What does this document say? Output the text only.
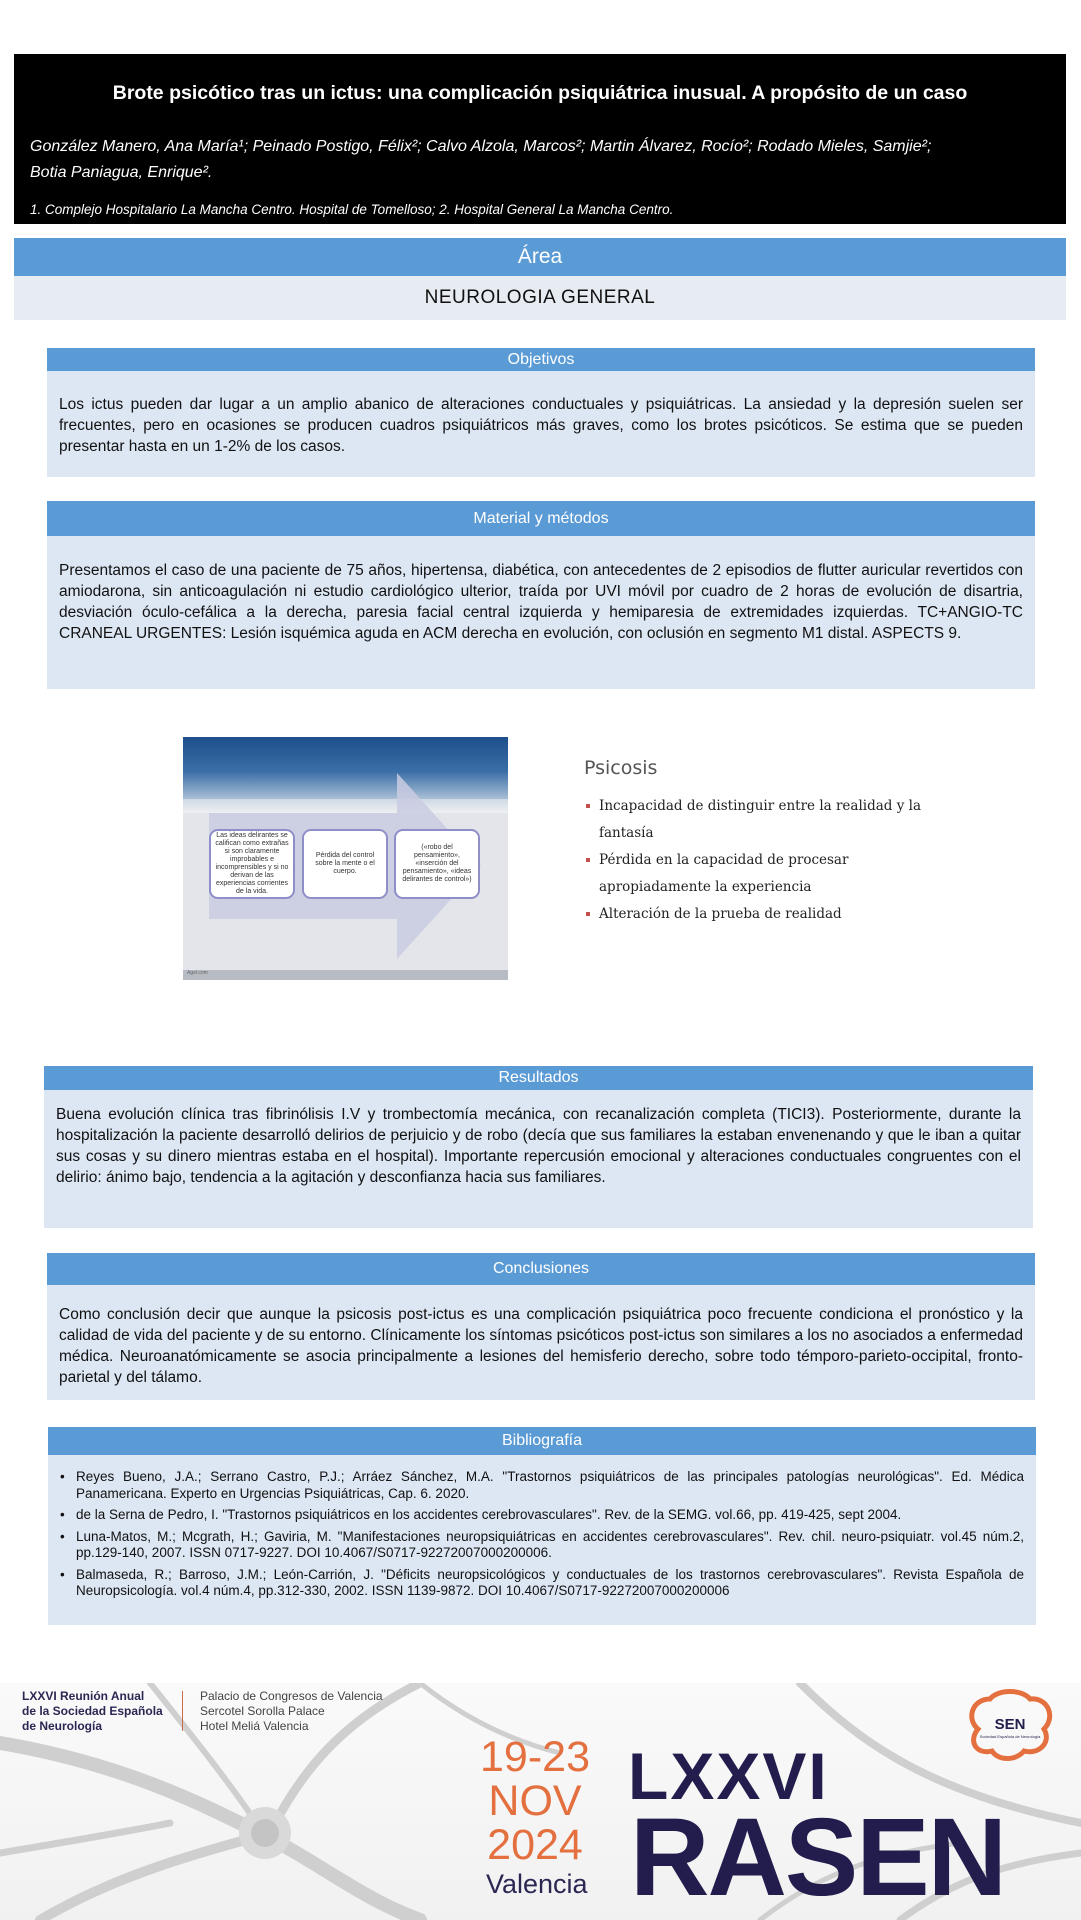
Brote psicótico tras un ictus: una complicación psiquiátrica inusual. A propósito de un caso
González Manero, Ana María¹; Peinado Postigo, Félix²; Calvo Alzola, Marcos²; Martin Álvarez, Rocío²; Rodado Mieles, Samjie²;
Botia Paniagua, Enrique².
1. Complejo Hospitalario La Mancha Centro. Hospital de Tomelloso; 2. Hospital General La Mancha Centro.
Área
NEUROLOGIA GENERAL
Objetivos

Los ictus pueden dar lugar a un amplio abanico de alteraciones conductuales y psiquiátricas. La ansiedad y la depresión suelen ser frecuentes, pero en ocasiones se producen cuadros psiquiátricos más graves, como los brotes psicóticos. Se estima que se pueden presentar hasta en un 1-2% de los casos.

Material y métodos

Presentamos el caso de una paciente de 75 años, hipertensa, diabética, con antecedentes de 2 episodios de flutter auricular revertidos con amiodarona, sin anticoagulación ni estudio cardiológico ulterior, traída por UVI móvil por cuadro de 2 horas de evolución de disartria, desviación óculo-cefálica a la derecha, paresia facial central izquierda y hemiparesia de extremidades izquierdas. TC+ANGIO-TC CRANEAL URGENTES: Lesión isquémica aguda en ACM derecha en evolución, con oclusión en segmento M1 distal. ASPECTS 9.

Las ideas delirantes se califican como extrañas si son claramente improbables e incomprensibles y si no derivan de las experiencias corrientes de la vida.
Pérdida del control sobre la mente o el cuerpo.
(«robo del pensamiento», «inserción del pensamiento», «ideas delirantes de control»)
Agel.com
Psicosis
Incapacidad de distinguir entre la realidad y la
fantasía
Pérdida en la capacidad de procesar
apropiadamente la experiencia
Alteración de la prueba de realidad
Resultados

Buena evolución clínica tras fibrinólisis I.V y trombectomía mecánica, con recanalización completa (TICI3). Posteriormente, durante la hospitalización la paciente desarrolló delirios de perjuicio y de robo (decía que sus familiares la estaban envenenando y que le iban a quitar sus cosas y su dinero mientras estaba en el hospital). Importante repercusión emocional y alteraciones conductuales congruentes con el delirio: ánimo bajo, tendencia a la agitación y desconfianza hacia sus familiares.

Conclusiones

Como conclusión decir que aunque la psicosis post-ictus es una complicación psiquiátrica poco frecuente condiciona el pronóstico y la calidad de vida del paciente y de su entorno. Clínicamente los síntomas psicóticos post-ictus son similares a los no asociados a enfermedad médica. Neuroanatómicamente se asocia principalmente a lesiones del hemisferio derecho, sobre todo témporo-parieto-occipital, fronto-parietal y del tálamo.

Bibliografía
• Reyes Bueno, J.A.; Serrano Castro, P.J.; Arráez Sánchez, M.A. "Trastornos psiquiátricos de las principales patologías neurológicas". Ed. Médica Panamericana. Experto en Urgencias Psiquiátricas, Cap. 6. 2020.
• de la Serna de Pedro, I. "Trastornos psiquiátricos en los accidentes cerebrovasculares". Rev. de la SEMG. vol.66, pp. 419-425, sept 2004.
• Luna-Matos, M.; Mcgrath, H.; Gaviria, M. "Manifestaciones neuropsiquiátricas en accidentes cerebrovasculares". Rev. chil. neuro-psiquiatr. vol.45 núm.2, pp.129-140, 2007. ISSN 0717-9227. DOI 10.4067/S0717-92272007000200006.
• Balmaseda, R.; Barroso, J.M.; León-Carrión, J. "Déficits neuropsicológicos y conductuales de los trastornos cerebrovasculares". Revista Española de Neuropsicología. vol.4 núm.4, pp.312-330, 2002. ISSN 1139-9872. DOI 10.4067/S0717-92272007000200006
LXXVI Reunión Anual
de la Sociedad Española
de Neurología
Palacio de Congresos de Valencia
Sercotel Sorolla Palace
Hotel Meliá Valencia
19-23
NOV
2024
Valencia
LXXVI
RASEN
SEN
Sociedad Española de Neurología
